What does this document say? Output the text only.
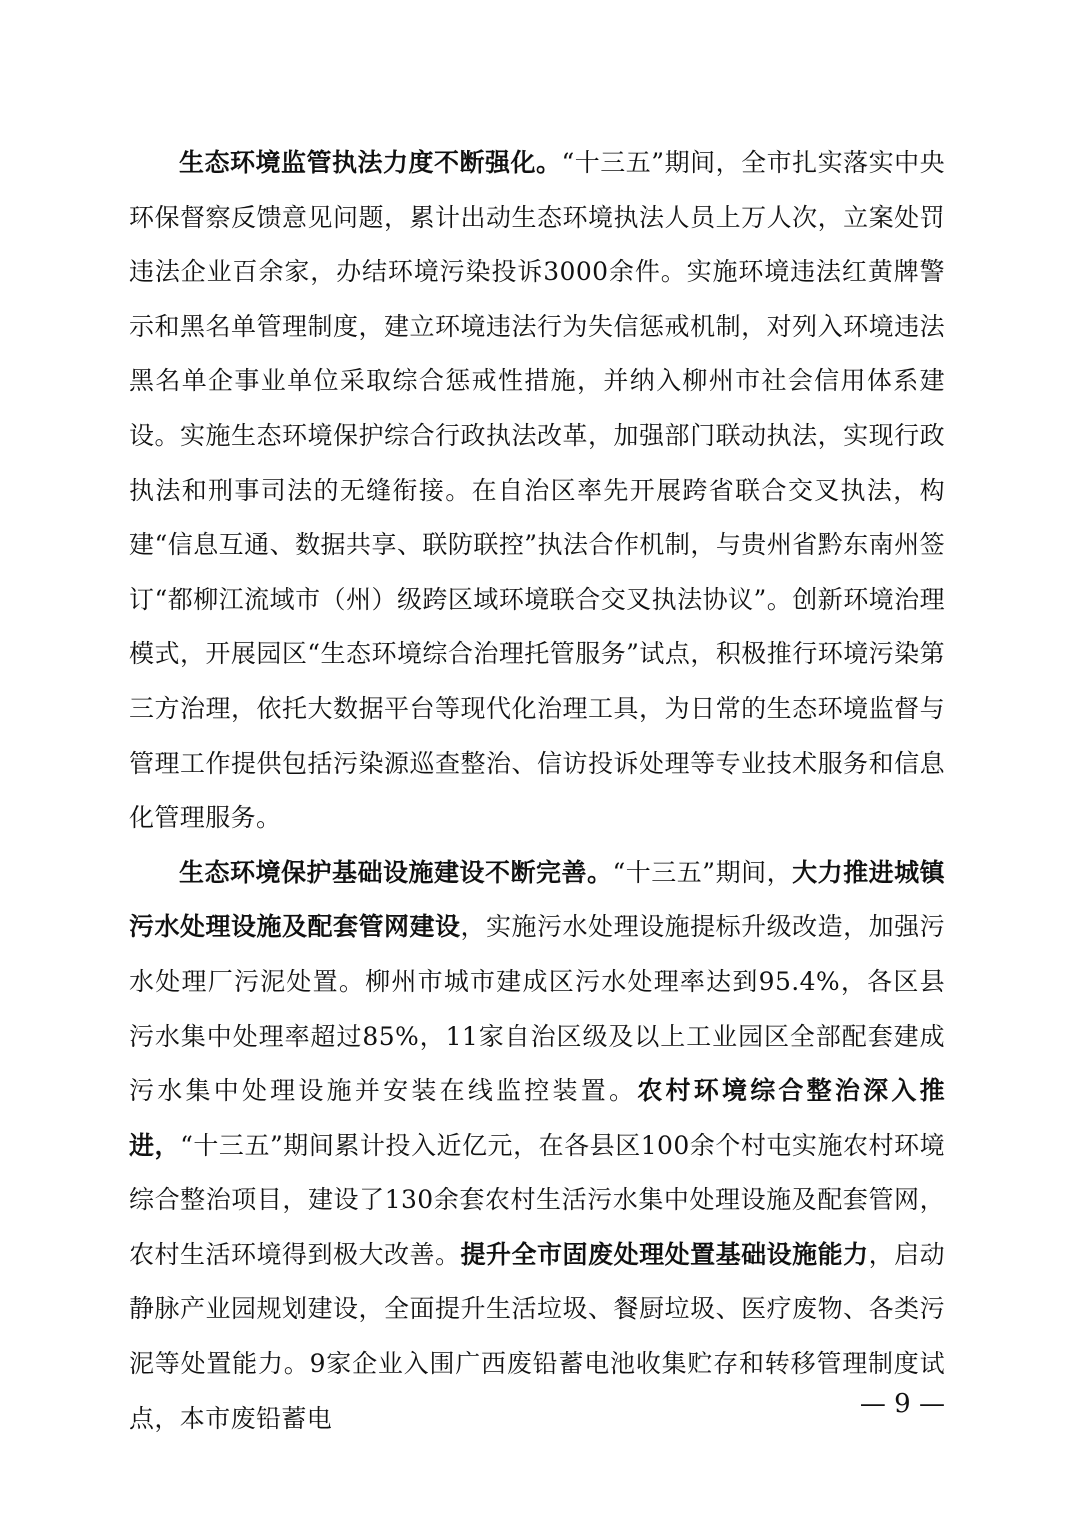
生态环境监管执法力度不断强化。“十三五”期间，全市扎实落实中央环保督察反馈意见问题，累计出动生态环境执法人员上万人次，立案处罚违法企业百余家，办结环境污染投诉3000余件。实施环境违法红黄牌警示和黑名单管理制度，建立环境违法行为失信惩戒机制，对列入环境违法黑名单企事业单位采取综合惩戒性措施，并纳入柳州市社会信用体系建设。实施生态环境保护综合行政执法改革，加强部门联动执法，实现行政执法和刑事司法的无缝衔接。在自治区率先开展跨省联合交叉执法，构建“信息互通、数据共享、联防联控”执法合作机制，与贵州省黔东南州签订“都柳江流域市（州）级跨区域环境联合交叉执法协议”。创新环境治理模式，开展园区“生态环境综合治理托管服务”试点，积极推行环境污染第三方治理，依托大数据平台等现代化治理工具，为日常的生态环境监督与管理工作提供包括污染源巡查整治、信访投诉处理等专业技术服务和信息化管理服务。

生态环境保护基础设施建设不断完善。“十三五”期间，大力推进城镇污水处理设施及配套管网建设，实施污水处理设施提标升级改造，加强污水处理厂污泥处置。柳州市城市建成区污水处理率达到95.4%，各区县污水集中处理率超过85%，11家自治区级及以上工业园区全部配套建成污水集中处理设施并安装在线监控装置。农村环境综合整治深入推进，“十三五”期间累计投入近亿元，在各县区100余个村屯实施农村环境综合整治项目，建设了130余套农村生活污水集中处理设施及配套管网，农村生活环境得到极大改善。提升全市固废处理处置基础设施能力，启动静脉产业园规划建设，全面提升生活垃圾、餐厨垃圾、医疗废物、各类污泥等处置能力。9家企业入围广西废铅蓄电池收集贮存和转移管理制度试点，本市废铅蓄电	— 9 —
